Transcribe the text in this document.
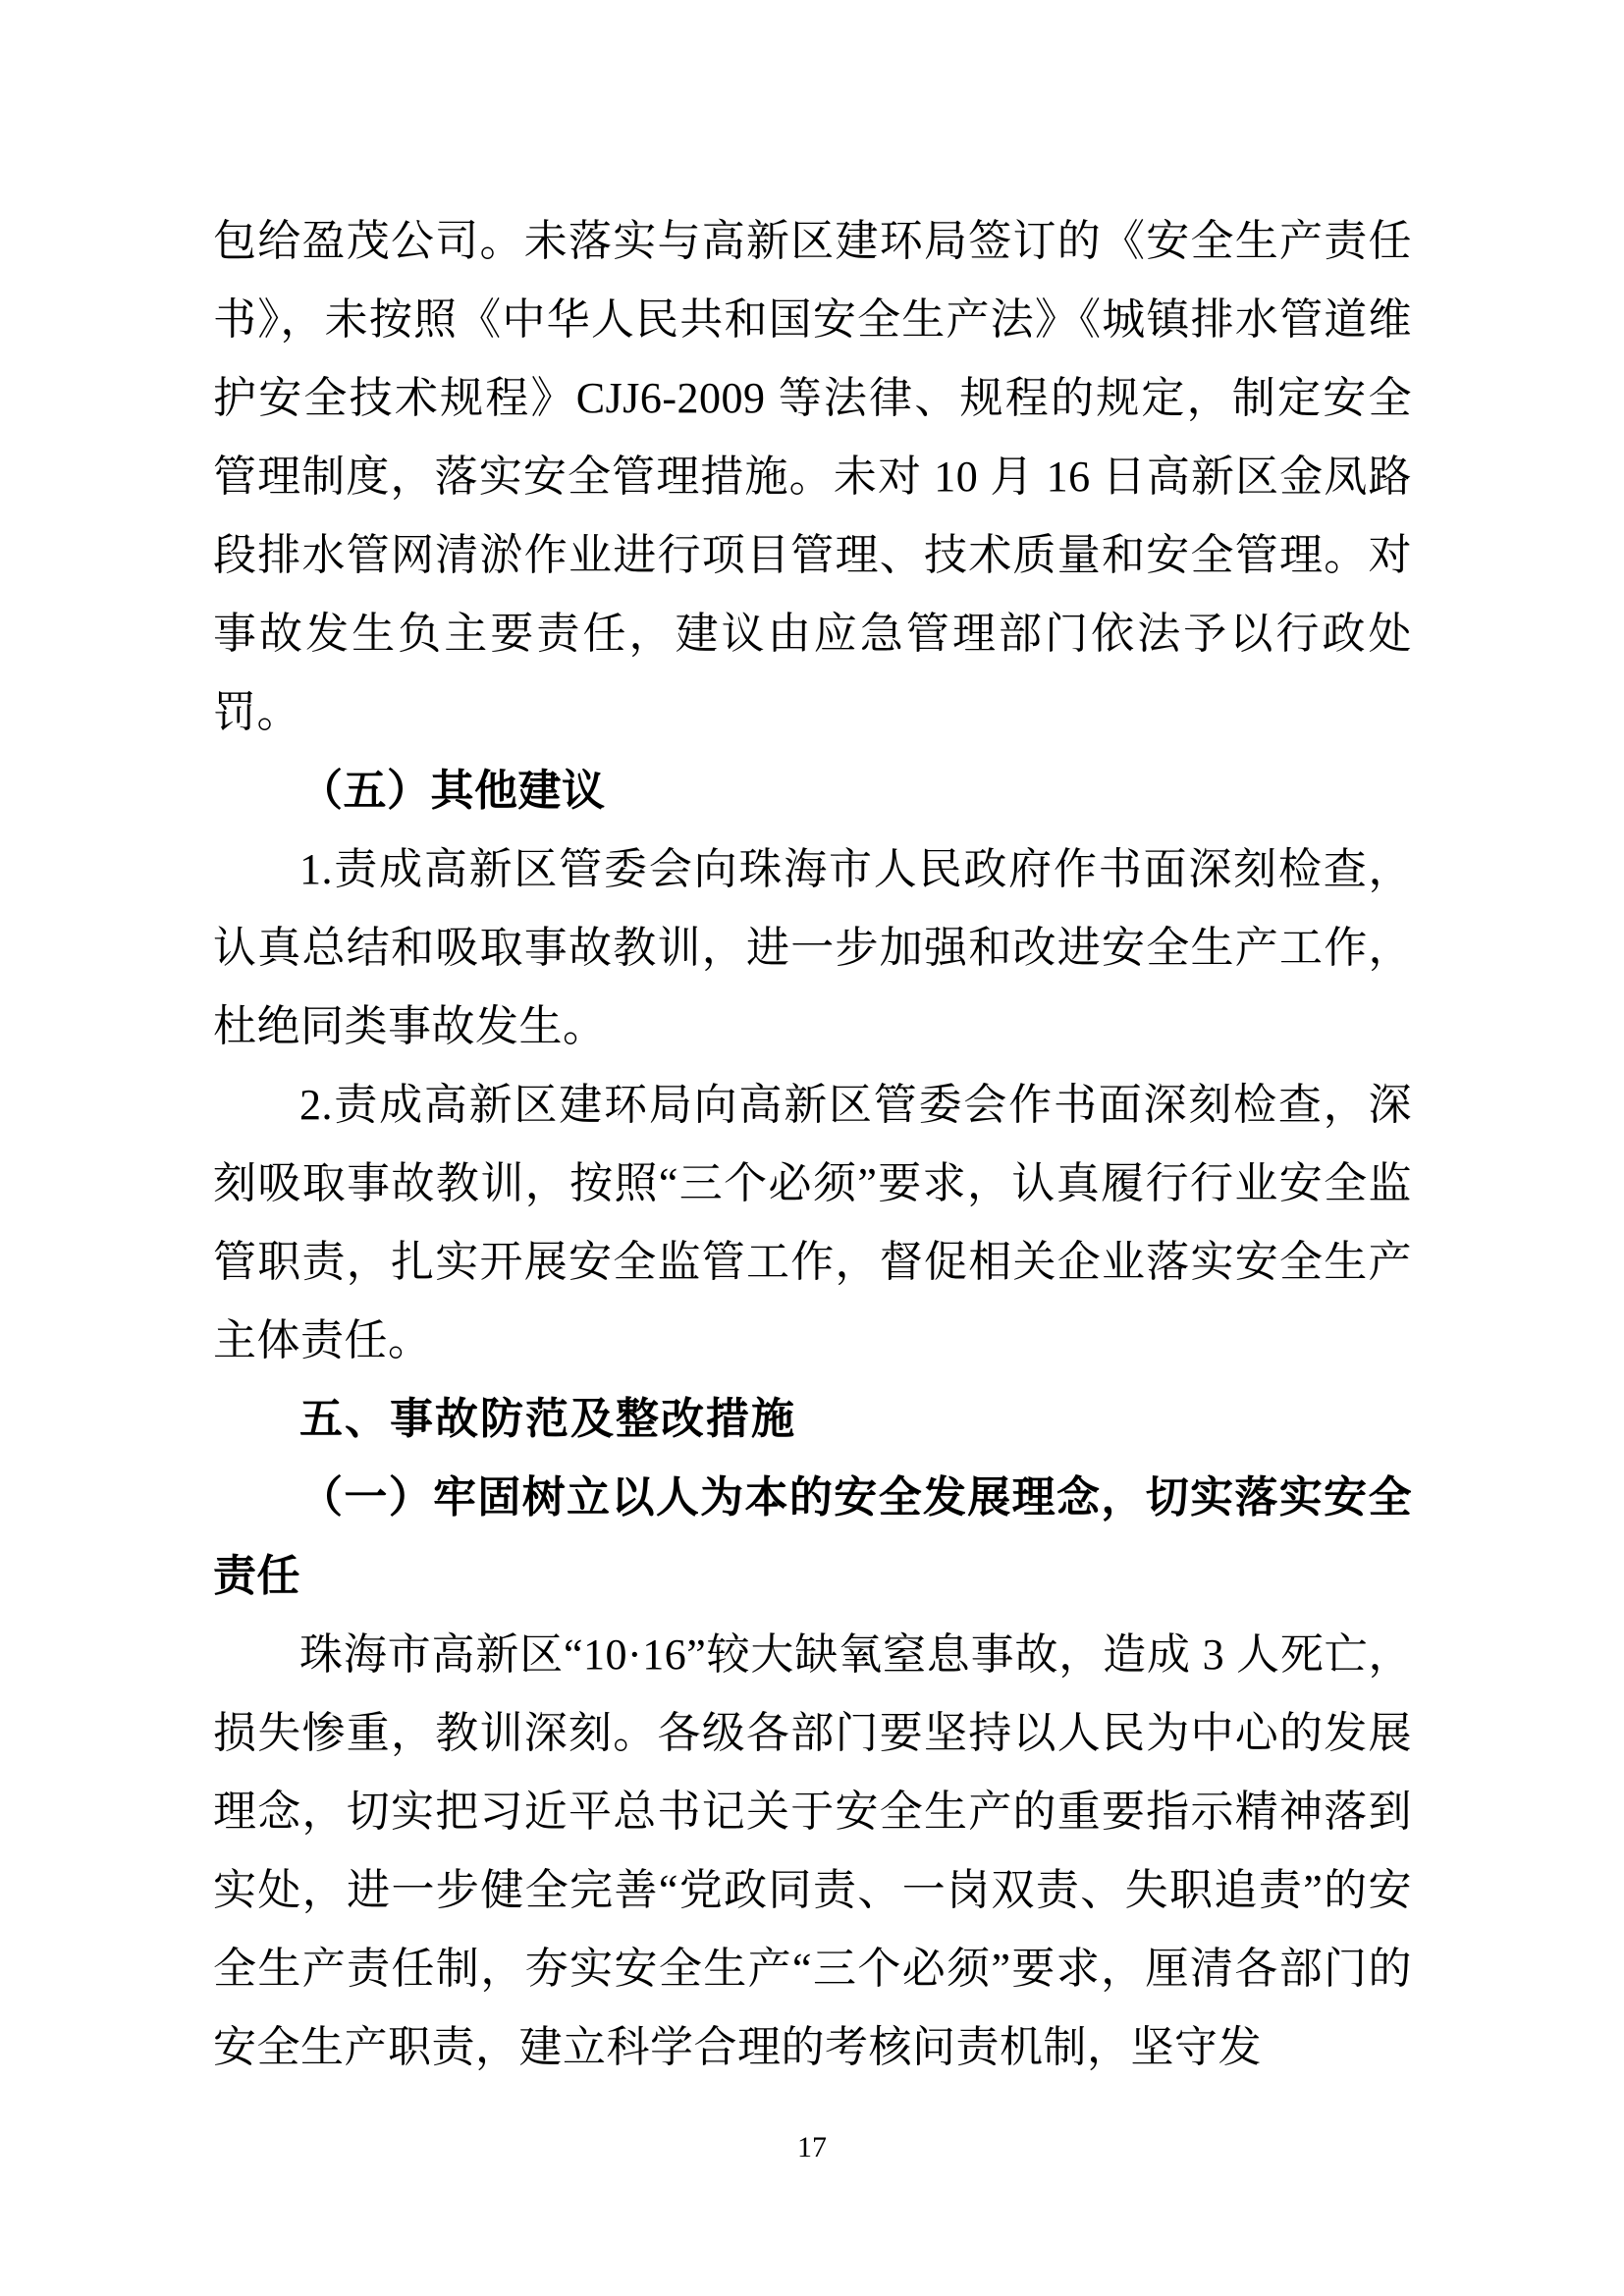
包给盈茂公司。未落实与高新区建环局签订的《安全生产责任书》，未按照《中华人民共和国安全生产法》《城镇排水管道维护安全技术规程》CJJ6-2009 等法律、规程的规定，制定安全管理制度，落实安全管理措施。未对 10 月 16 日高新区金凤路段排水管网清淤作业进行项目管理、技术质量和安全管理。对事故发生负主要责任，建议由应急管理部门依法予以行政处罚。

（五）其他建议

1.责成高新区管委会向珠海市人民政府作书面深刻检查，认真总结和吸取事故教训，进一步加强和改进安全生产工作，杜绝同类事故发生。

2.责成高新区建环局向高新区管委会作书面深刻检查，深刻吸取事故教训，按照“三个必须”要求，认真履行行业安全监管职责，扎实开展安全监管工作，督促相关企业落实安全生产主体责任。

五、事故防范及整改措施

（一）牢固树立以人为本的安全发展理念，切实落实安全责任

珠海市高新区“10·16”较大缺氧窒息事故，造成 3 人死亡，损失惨重，教训深刻。各级各部门要坚持以人民为中心的发展理念，切实把习近平总书记关于安全生产的重要指示精神落到实处，进一步健全完善“党政同责、一岗双责、失职追责”的安全生产责任制，夯实安全生产“三个必须”要求，厘清各部门的安全生产职责，建立科学合理的考核问责机制，坚守发

17
